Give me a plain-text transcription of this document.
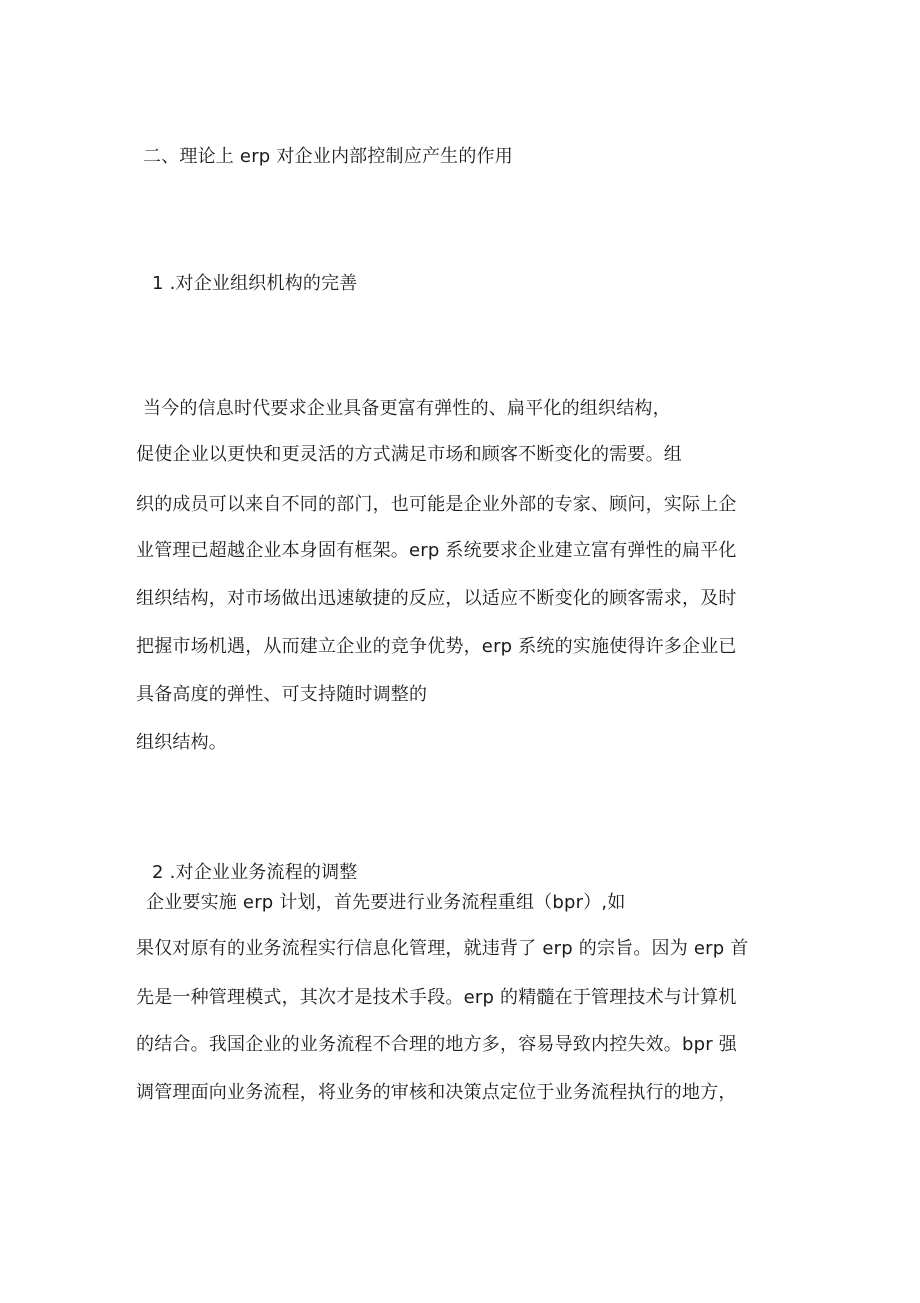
二、理论上 erp 对企业内部控制应产生的作用
1 .对企业组织机构的完善
当今的信息时代要求企业具备更富有弹性的、扁平化的组织结构，
促使企业以更快和更灵活的方式满足市场和顾客不断变化的需要。组
织的成员可以来自不同的部门，也可能是企业外部的专家、顾问，实际上企
业管理已超越企业本身固有框架。erp 系统要求企业建立富有弹性的扁平化
组织结构，对市场做出迅速敏捷的反应，以适应不断变化的顾客需求，及时
把握市场机遇，从而建立企业的竞争优势，erp 系统的实施使得许多企业已
具备高度的弹性、可支持随时调整的
组织结构。
2 .对企业业务流程的调整
企业要实施 erp 计划，首先要进行业务流程重组（bpr）,如
果仅对原有的业务流程实行信息化管理，就违背了 erp 的宗旨。因为 erp 首
先是一种管理模式，其次才是技术手段。erp 的精髓在于管理技术与计算机
的结合。我国企业的业务流程不合理的地方多，容易导致内控失效。bpr 强
调管理面向业务流程，将业务的审核和决策点定位于业务流程执行的地方，
